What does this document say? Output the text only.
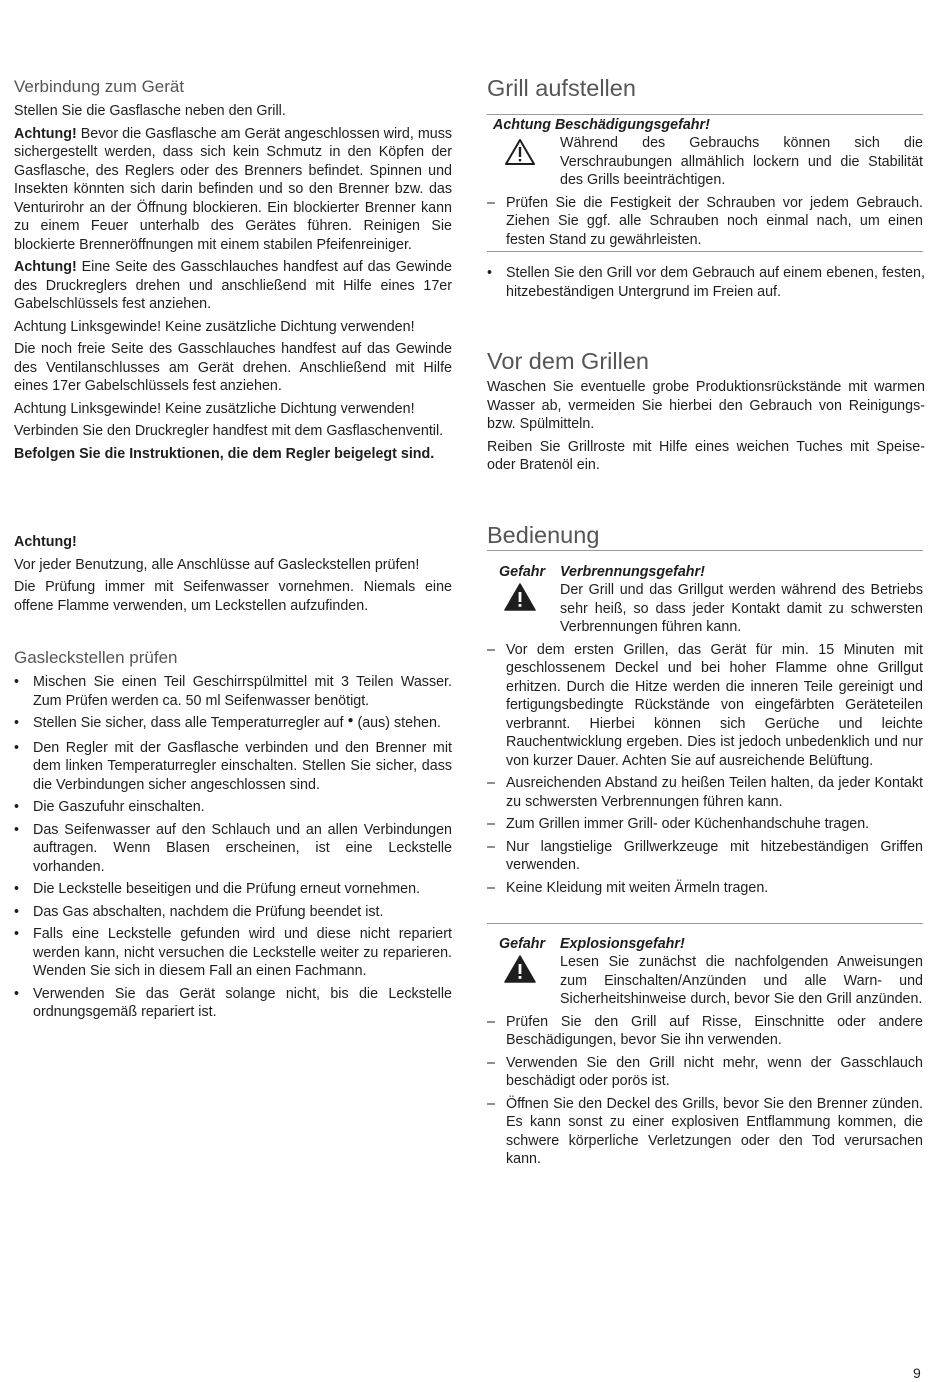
Verbindung zum Gerät

Stellen Sie die Gasflasche neben den Grill.

Achtung! Bevor die Gasflasche am Gerät angeschlossen wird, muss sichergestellt werden, dass sich kein Schmutz in den Köpfen der Gasflasche, des Reglers oder des Brenners befindet. Spinnen und Insekten könnten sich darin befinden und so den Brenner bzw. das Venturirohr an der Öffnung blockieren. Ein blockierter Brenner kann zu einem Feuer unterhalb des Gerätes führen. Reinigen Sie blockierte Brenneröffnungen mit einem stabilen Pfeifenreiniger.

Achtung! Eine Seite des Gasschlauches handfest auf das Gewinde des Druckreglers drehen und anschließend mit Hilfe eines 17er Gabelschlüssels fest anziehen.

Achtung Linksgewinde! Keine zusätzliche Dichtung verwenden!

Die noch freie Seite des Gasschlauches handfest auf das Gewinde des Ventilanschlusses am Gerät drehen. Anschließend mit Hilfe eines 17er Gabelschlüssels fest anziehen.

Achtung Linksgewinde! Keine zusätzliche Dichtung verwenden!

Verbinden Sie den Druckregler handfest mit dem Gasflaschenventil.

Befolgen Sie die Instruktionen, die dem Regler beigelegt sind.

Achtung!

Vor jeder Benutzung, alle Anschlüsse auf Gasleckstellen prüfen!

Die Prüfung immer mit Seifenwasser vornehmen. Niemals eine offene Flamme verwenden, um Leckstellen aufzufinden.

Gasleckstellen prüfen
• Mischen Sie einen Teil Geschirrspülmittel mit 3 Teilen Wasser. Zum Prüfen werden ca. 50 ml Seifenwasser benötigt.
• Stellen Sie sicher, dass alle Temperaturregler auf ● (aus) stehen.
• Den Regler mit der Gasflasche verbinden und den Brenner mit dem linken Temperaturregler einschalten. Stellen Sie sicher, dass die Verbindungen sicher angeschlossen sind.
• Die Gaszufuhr einschalten.
• Das Seifenwasser auf den Schlauch und an allen Verbindungen auftragen. Wenn Blasen erscheinen, ist eine Leckstelle vorhanden.
• Die Leckstelle beseitigen und die Prüfung erneut vornehmen.
• Das Gas abschalten, nachdem die Prüfung beendet ist.
• Falls eine Leckstelle gefunden wird und diese nicht repariert werden kann, nicht versuchen die Leckstelle weiter zu reparieren. Wenden Sie sich in diesem Fall an einen Fachmann.
• Verwenden Sie das Gerät solange nicht, bis die Leckstelle ordnungsgemäß repariert ist.
Grill aufstellen
Achtung Beschädigungsgefahr!
Während des Gebrauchs können sich die Verschraubungen allmählich lockern und die Stabilität des Grills beeinträchtigen.
– Prüfen Sie die Festigkeit der Schrauben vor jedem Gebrauch. Ziehen Sie ggf. alle Schrauben noch einmal nach, um einen festen Stand zu gewährleisten.
• Stellen Sie den Grill vor dem Gebrauch auf einem ebenen, festen, hitzebeständigen Untergrund im Freien auf.
Vor dem Grillen

Waschen Sie eventuelle grobe Produktionsrückstände mit warmen Wasser ab, vermeiden Sie hierbei den Gebrauch von Reinigungs- bzw. Spülmitteln.

Reiben Sie Grillroste mit Hilfe eines weichen Tuches mit Speise- oder Bratenöl ein.

Bedienung
Gefahr Verbrennungsgefahr!
Der Grill und das Grillgut werden während des Betriebs sehr heiß, so dass jeder Kontakt damit zu schwersten Verbrennungen führen kann.
– Vor dem ersten Grillen, das Gerät für min. 15 Minuten mit geschlossenem Deckel und bei hoher Flamme ohne Grillgut erhitzen. Durch die Hitze werden die inneren Teile gereinigt und fertigungsbedingte Rückstände von eingefärbten Geräteteilen verbrannt. Hierbei können sich Gerüche und leichte Rauchentwicklung ergeben. Dies ist jedoch unbedenklich und nur von kurzer Dauer. Achten Sie auf ausreichende Belüftung.
– Ausreichenden Abstand zu heißen Teilen halten, da jeder Kontakt zu schwersten Verbrennungen führen kann.
– Zum Grillen immer Grill- oder Küchenhandschuhe tragen.
– Nur langstielige Grillwerkzeuge mit hitzebeständigen Griffen verwenden.
– Keine Kleidung mit weiten Ärmeln tragen.
Gefahr Explosionsgefahr!
Lesen Sie zunächst die nachfolgenden Anweisungen zum Einschalten/Anzünden und alle Warn- und Sicherheitshinweise durch, bevor Sie den Grill anzünden.
– Prüfen Sie den Grill auf Risse, Einschnitte oder andere Beschädigungen, bevor Sie ihn verwenden.
– Verwenden Sie den Grill nicht mehr, wenn der Gasschlauch beschädigt oder porös ist.
– Öffnen Sie den Deckel des Grills, bevor Sie den Brenner zünden. Es kann sonst zu einer explosiven Entflammung kommen, die schwere körperliche Verletzungen oder den Tod verursachen kann.
9
